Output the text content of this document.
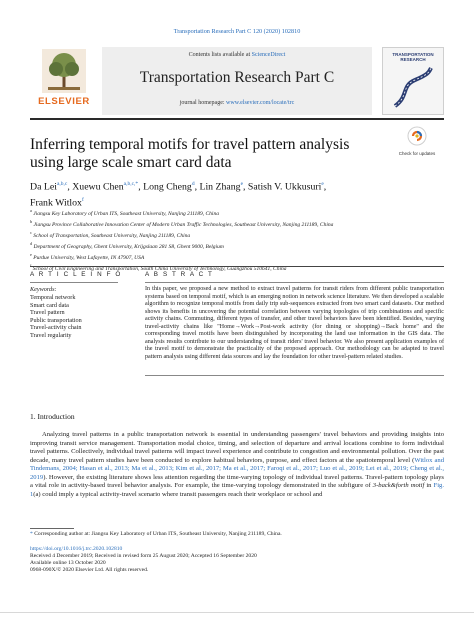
Transportation Research Part C 120 (2020) 102810
ELSEVIER
Contents lists available at ScienceDirect
Transportation Research Part C
journal homepage: www.elsevier.com/locate/trc
TRANSPORTATION RESEARCH
Inferring temporal motifs for travel pattern analysis using large scale smart card data
Check for updates
Da Lei$^{a,b,c}$, Xuewu Chen$^{a,b,c,*}$, Long Cheng$^d$, Lin Zhang$^e$, Satish V. Ukkusuri$^e$,
Frank Witlox$^f$
$^a$ Jiangsu Key Laboratory of Urban ITS, Southeast University, Nanjing 211189, China
$^b$ Jiangsu Province Collaborative Innovation Center of Modern Urban Traffic Technologies, Southeast University, Nanjing 211189, China
$^c$ School of Transportation, Southeast University, Nanjing 211189, China
$^d$ Department of Geography, Ghent University, Krijgslaan 281 S8, Ghent 9000, Belgium
$^e$ Purdue University, West Lafayette, IN 47907, USA
School of Civil Engineering and Transportation, South China University of Technology, Guangzhou 510641, China
A R T I C L E I N F O	A B S T R A C T
Keywords:
Temporal network
Smart card data
Travel pattern
Public transportation
Travel-activity chain
Travel regularity
In this paper, we proposed a new method to extract travel patterns for transit riders from different public transportation systems based on temporal motif, which is an emerging notion in network science literature. We then developed a scalable algorithm to recognize temporal motifs from daily trip sub-sequences extracted from two smart card datasets. Our method shows its benefits in uncovering the potential correlation between varying topologies of trip combinations and specific activity chains. Commuting, different types of transfer, and other travel behaviors have been identified. Besides, varying travel-activity chains like "Home→Work→Post-work activity (for dining or shopping)→Back home" and the corresponding travel motifs have been distinguished by incorporating the land use information in the GIS data. The analysis results contribute to our understanding of transit riders' travel behavior. We also present application examples of the travel motif to demonstrate the practicality of the proposed approach. Our methodology can be adapted to travel pattern analysis using different data sources and lay the foundation for other travel-pattern related studies.
1. Introduction
Analyzing travel patterns in a public transportation network is essential in understanding passengers' travel behaviors and providing insights into improving transit service management. Transportation modal choice, timing, and selection of departure and arrival locations combine to form individual travel patterns. Collectively, individual travel patterns will impact travel experience and contribute to congestion and environmental pollution. Over the past decade, many travel pattern studies have been conducted to explore habitual behaviors, purpose, and effect factors at the spatiotemporal level (Witlox and Tindemans, 2004; Hasan et al., 2013; Ma et al., 2013; Kim et al., 2017; Ma et al., 2017; Faroqi et al., 2017; Luo et al., 2019; Lei et al., 2019; Cheng et al., 2019). However, the existing literature shows less attention regarding the time-varying topology of individual travel patterns. Travel-pattern topology plays a vital role in activity-based travel behavior analysis. For example, the time-varying topology demonstrated in the subfigure of 3-back&forth motif in Fig. 1(a) could imply a typical activity-travel scenario where transit passengers reach their workplace or school and
* Corresponding author at: Jiangsu Key Laboratory of Urban ITS, Southeast University, Nanjing 211189, China.
https://doi.org/10.1016/j.trc.2020.102810
Received 4 December 2019; Received in revised form 25 August 2020; Accepted 16 September 2020
Available online 13 October 2020
0968-090X/© 2020 Elsevier Ltd. All rights reserved.
